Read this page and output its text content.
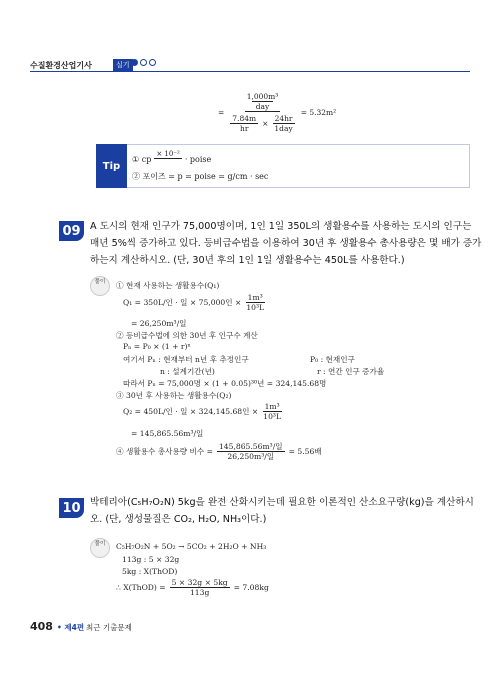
수질환경산업기사	실기
=
1,000m³
day
$\frac{7.84m}{hr} \times \frac{24hr}{\text{1day}}$
= 5.32m²
Tip
① cp
× 10⁻²

· poise
② 포이즈 = p = poise = g/cm · sec
09 A 도시의 현재 인구가 75,000명이며, 1인 1일 350L의 생활용수를 사용하는 도시의 인구는
매년 5%씩 증가하고 있다. 등비급수법을 이용하여 30년 후 생활용수 총사용량은 몇 배가 증가
하는지 계산하시오. (단, 30년 후의 1인 1일 생활용수는 450L를 사용한다.)
풀이	① 현재 사용하는 생활용수(Q₁)
Q₁ = 350L/인 · 일 × 75,000인 × $\frac{\text{1m³}}{\text{10³L}}$
= 26,250m³/일
② 등비급수법에 의한 30년 후 인구수 계산
Pₙ = P₀ × (1 + r)ⁿ
여기서 Pₙ : 현재부터 n년 후 추정인구	P₀ : 현재인구
n : 설계기간(년)	r : 연간 인구 증가율
따라서 Pₙ = 75,000명 × (1 + 0.05)³⁰년 = 324,145.68명
③ 30년 후 사용하는 생활용수(Q₂)
Q₂ = 450L/인 · 일 × 324,145.68인 × $\frac{\text{1m³}}{\text{10³L}}$
= 145,865.56m³/일
④ 생활용수 총사용량 비수 = $\frac{\text{145,865.56m³/일}}{\text{26,250m³/일}} = 5.56$배
10 박테리아(C₅H₇O₂N) 5kg을 완전 산화시키는데 필요한 이론적인 산소요구량(kg)을 계산하시
오. (단, 생성물질은 CO₂, H₂O, NH₃이다.)
풀이	C₅H₇O₂N + 5O₂ → 5CO₂ + 2H₂O + NH₃
113g : 5 × 32g
5kg : X(ThOD)
∴ X(ThOD) = $\frac{5 \times 32g \times 5kg}{113g} = 7.08kg$
408 • 제4편 최근 기출문제
